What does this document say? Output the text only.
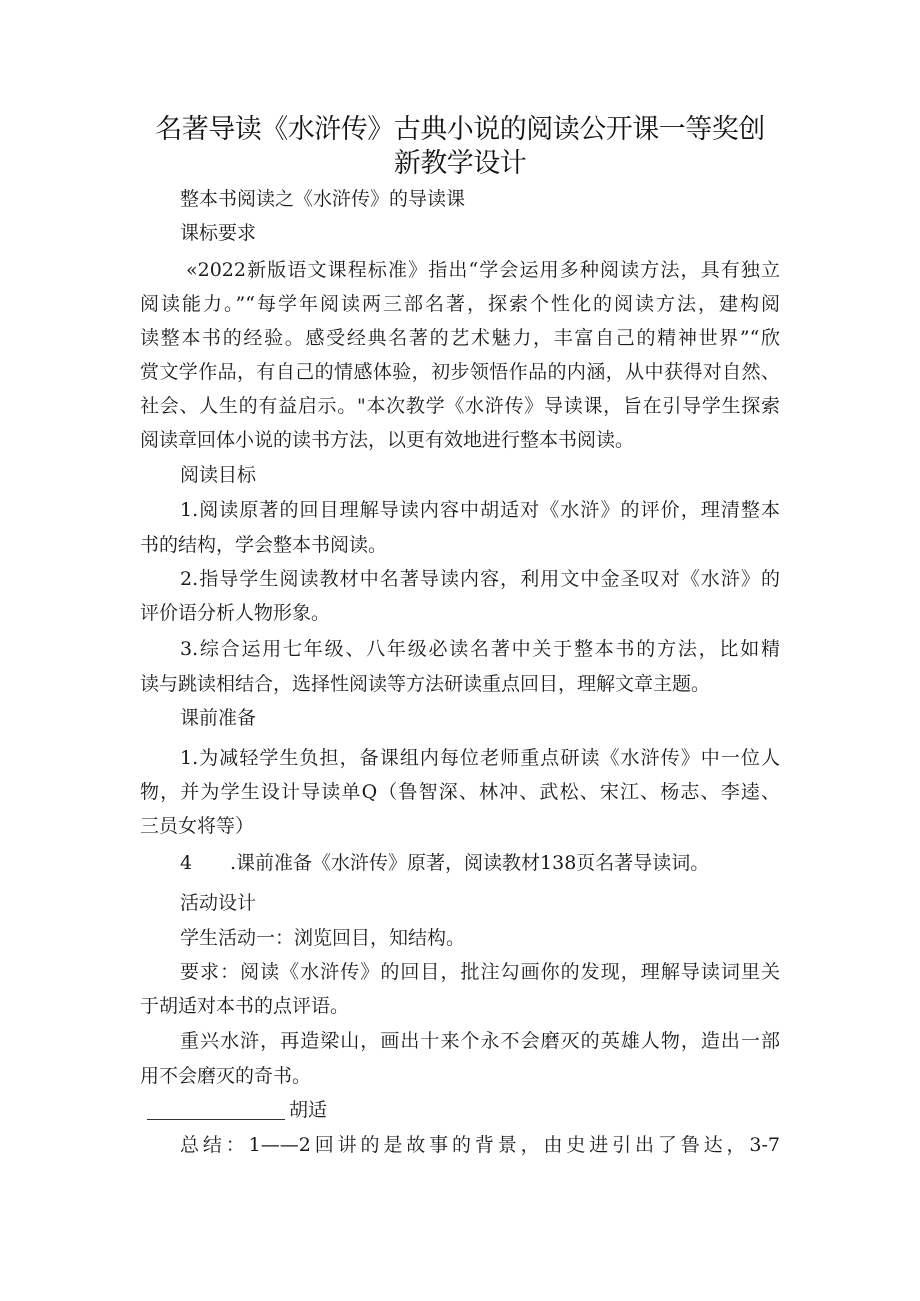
名著导读《水浒传》古典小说的阅读公开课一等奖创
新教学设计
整本书阅读之《水浒传》的导读课
课标要求
«2022新版语文课程标准》指出“学会运用多种阅读方法，具有独立
阅读能力。”“每学年阅读两三部名著，探索个性化的阅读方法，建构阅
读整本书的经验。感受经典名著的艺术魅力，丰富自己的精神世界”“欣
赏文学作品，有自己的情感体验，初步领悟作品的内涵，从中获得对自然、
社会、人生的有益启示。"本次教学《水浒传》导读课，旨在引导学生探索
阅读章回体小说的读书方法，以更有效地进行整本书阅读。
阅读目标
1.阅读原著的回目理解导读内容中胡适对《水浒》的评价，理清整本
书的结构，学会整本书阅读。
2.指导学生阅读教材中名著导读内容，利用文中金圣叹对《水浒》的
评价语分析人物形象。
3.综合运用七年级、八年级必读名著中关于整本书的方法，比如精
读与跳读相结合，选择性阅读等方法研读重点回目，理解文章主题。
课前准备
1.为减轻学生负担，备课组内每位老师重点研读《水浒传》中一位人
物，并为学生设计导读单Q（鲁智深、林冲、武松、宋江、杨志、李逵、
三员女将等）
4 .课前准备《水浒传》原著，阅读教材138页名著导读词。
活动设计
学生活动一：浏览回目，知结构。
要求：阅读《水浒传》的回目，批注勾画你的发现，理解导读词里关
于胡适对本书的点评语。
重兴水浒，再造梁山，画出十来个永不会磨灭的英雄人物，造出一部
用不会磨灭的奇书。
胡适
总结：1——2回讲的是故事的背景，由史进引出了鲁达，3-7
